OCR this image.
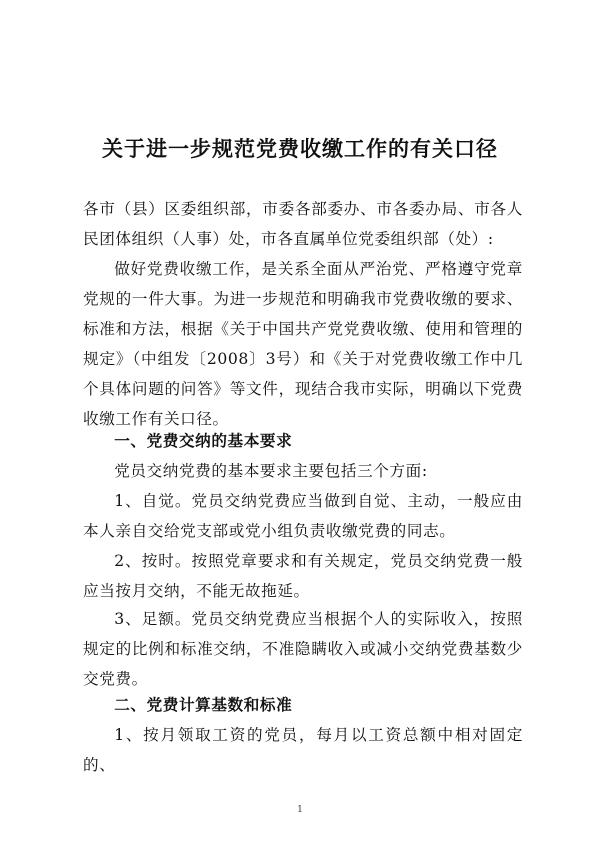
关于进一步规范党费收缴工作的有关口径
各市（县）区委组织部，市委各部委办、市各委办局、市各人民团体组织（人事）处，市各直属单位党委组织部（处）:
做好党费收缴工作，是关系全面从严治党、严格遵守党章党规的一件大事。为进一步规范和明确我市党费收缴的要求、标准和方法，根据《关于中国共产党党费收缴、使用和管理的规定》（中组发〔2008〕3号）和《关于对党费收缴工作中几个具体问题的问答》等文件，现结合我市实际，明确以下党费收缴工作有关口径。
一、党费交纳的基本要求
党员交纳党费的基本要求主要包括三个方面:
1、自觉。党员交纳党费应当做到自觉、主动，一般应由本人亲自交给党支部或党小组负责收缴党费的同志。
2、按时。按照党章要求和有关规定，党员交纳党费一般应当按月交纳，不能无故拖延。
3、足额。党员交纳党费应当根据个人的实际收入，按照规定的比例和标准交纳，不准隐瞒收入或减小交纳党费基数少交党费。
二、党费计算基数和标准
1、按月领取工资的党员，每月以工资总额中相对固定的、
1
